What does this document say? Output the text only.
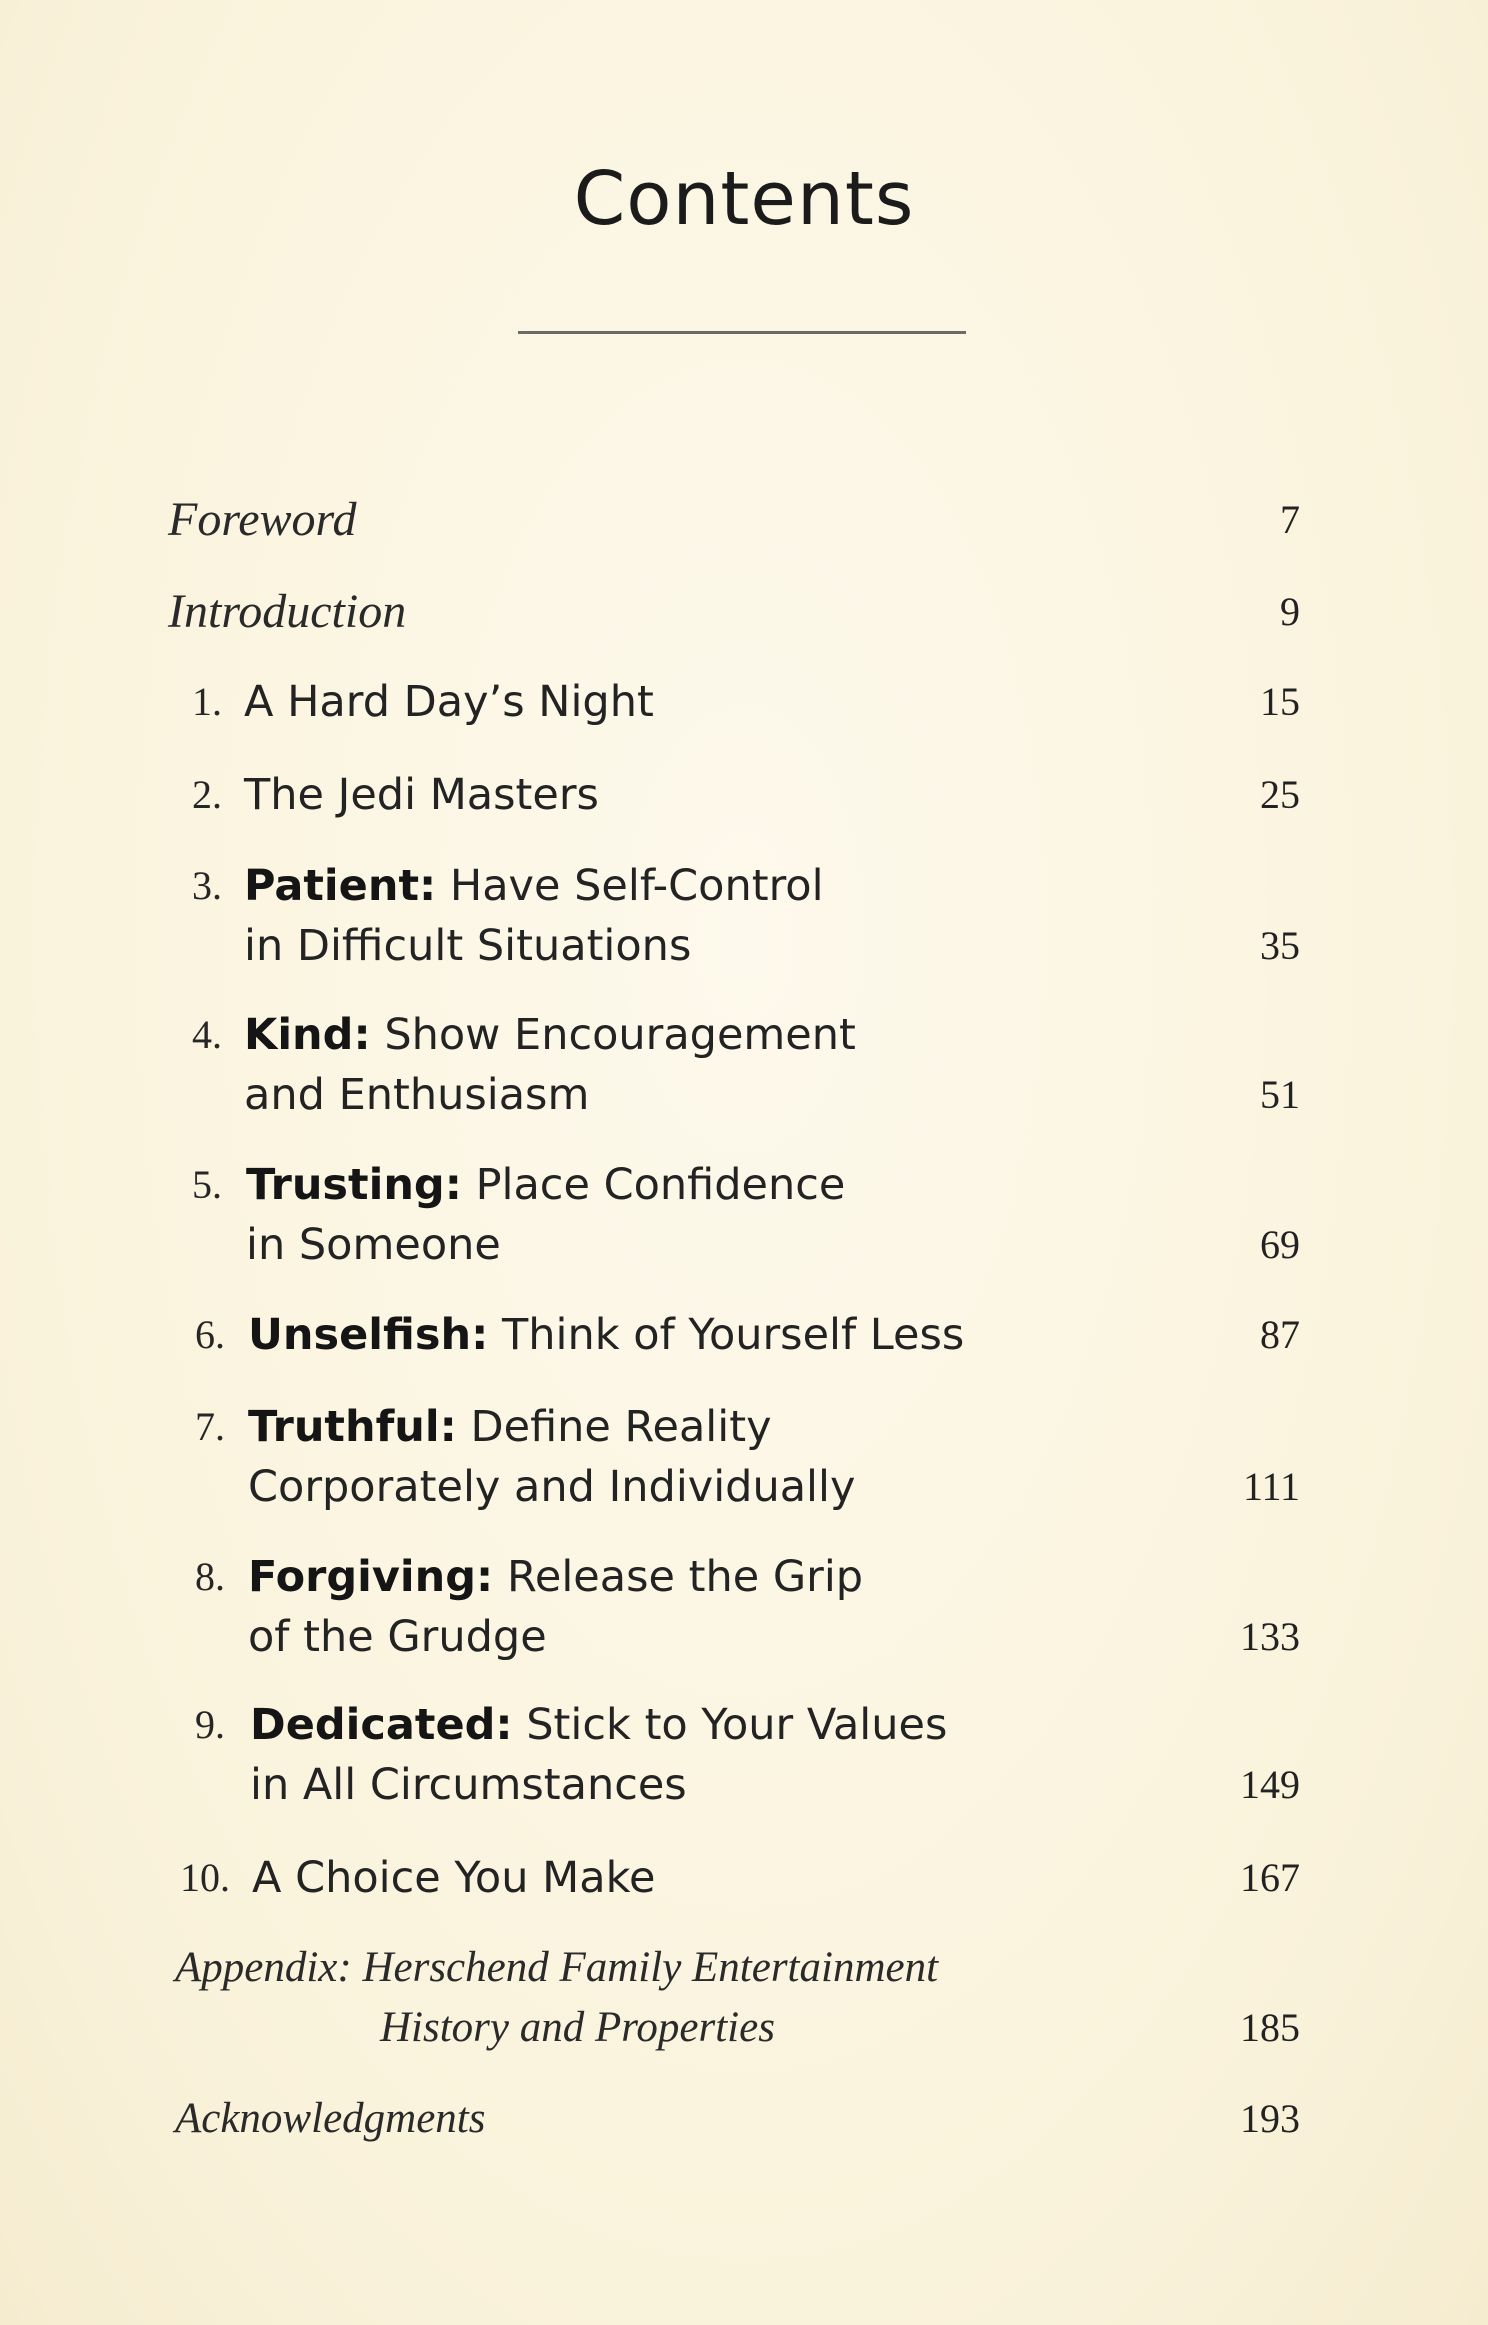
Contents
Foreword	7
Introduction	9
1. A Hard Day’s Night	15
2. The Jedi Masters	25
3. Patient: Have Self-Control
in Difficult Situations	35
4. Kind: Show Encouragement
and Enthusiasm	51
5. Trusting: Place Confidence
in Someone	69
6. Unselfish: Think of Yourself Less	87
7. Truthful: Define Reality
Corporately and Individually	111
8. Forgiving: Release the Grip
of the Grudge	133
9. Dedicated: Stick to Your Values
in All Circumstances	149
10. A Choice You Make	167
Appendix: Herschend Family Entertainment
History and Properties	185
Acknowledgments	193
